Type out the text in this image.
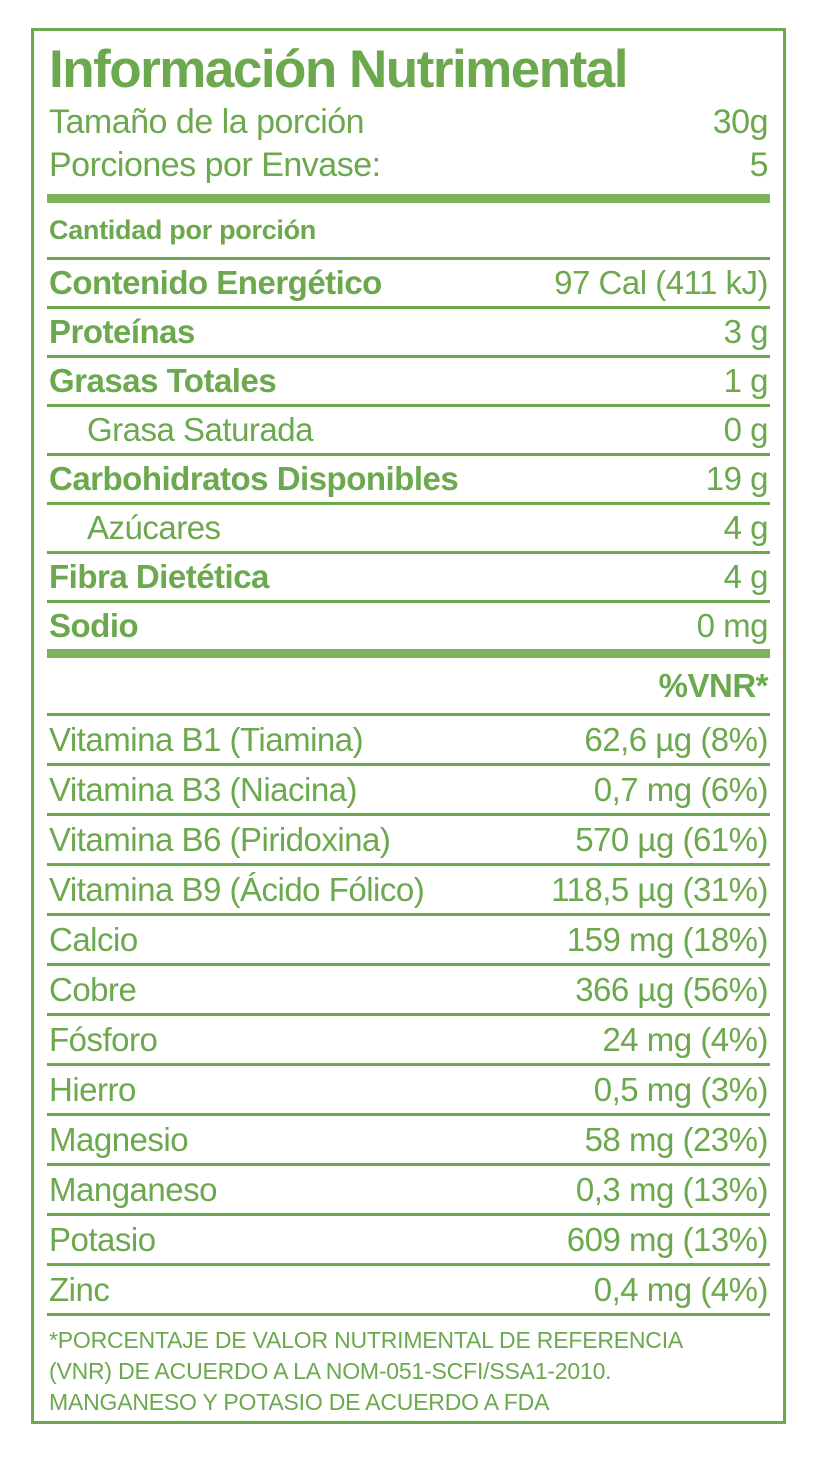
Información Nutrimental
Tamaño de la porción	30g
Porciones por Envase:	5
Cantidad por porción
Contenido Energético	97 Cal (411 kJ)
Proteínas	3 g
Grasas Totales	1 g
Grasa Saturada	0 g
Carbohidratos Disponibles	19 g
Azúcares	4 g
Fibra Dietética	4 g
Sodio	0 mg
%VNR*
Vitamina B1 (Tiamina)	62,6 µg (8%)
Vitamina B3 (Niacina)	0,7 mg (6%)
Vitamina B6 (Piridoxina)	570 µg (61%)
Vitamina B9 (Ácido Fólico)	118,5 µg (31%)
Calcio	159 mg (18%)
Cobre	366 µg (56%)
Fósforo	24 mg (4%)
Hierro	0,5 mg (3%)
Magnesio	58 mg (23%)
Manganeso	0,3 mg (13%)
Potasio	609 mg (13%)
Zinc	0,4 mg (4%)
*PORCENTAJE DE VALOR NUTRIMENTAL DE REFERENCIA
(VNR) DE ACUERDO A LA NOM-051-SCFI/SSA1-2010.
MANGANESO Y POTASIO DE ACUERDO A FDA
